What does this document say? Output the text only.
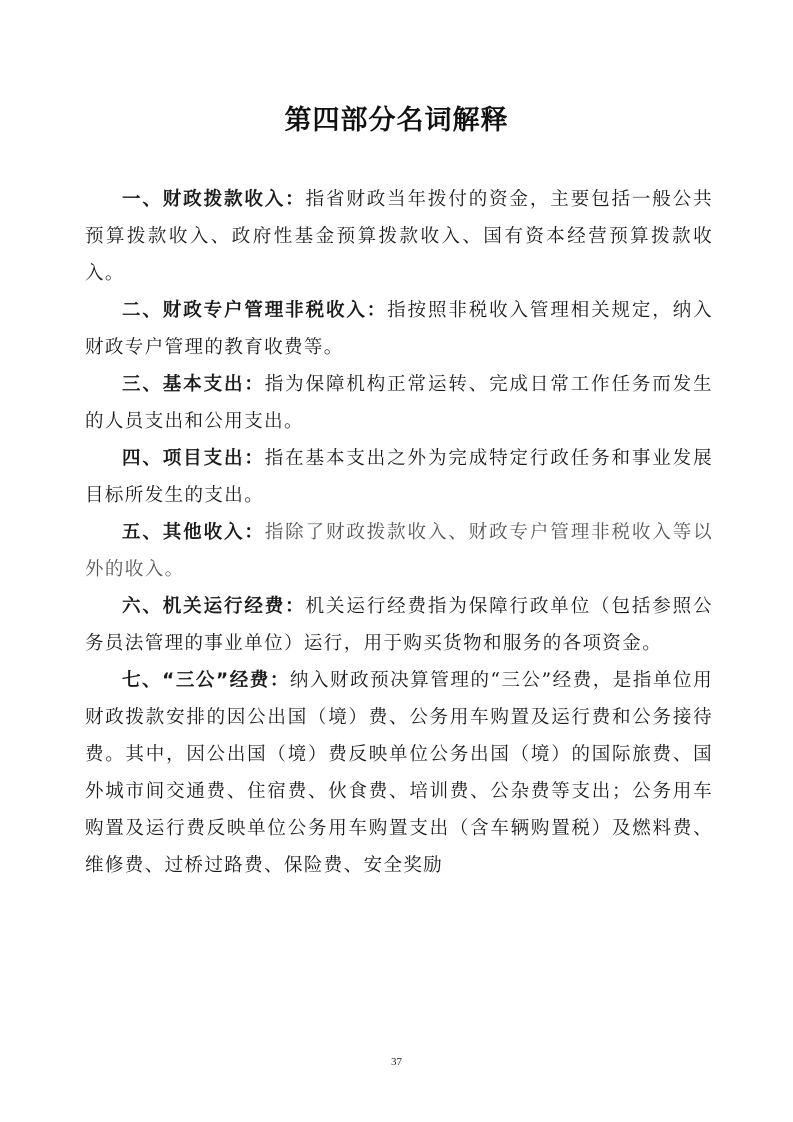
第四部分名词解释

一、财政拨款收入：指省财政当年拨付的资金，主要包括一般公共预算拨款收入、政府性基金预算拨款收入、国有资本经营预算拨款收入。

二、财政专户管理非税收入：指按照非税收入管理相关规定，纳入财政专户管理的教育收费等。

三、基本支出：指为保障机构正常运转、完成日常工作任务而发生的人员支出和公用支出。

四、项目支出：指在基本支出之外为完成特定行政任务和事业发展目标所发生的支出。

五、其他收入：指除了财政拨款收入、财政专户管理非税收入等以外的收入。

六、机关运行经费：机关运行经费指为保障行政单位（包括参照公务员法管理的事业单位）运行，用于购买货物和服务的各项资金。

七、“三公”经费：纳入财政预决算管理的“三公”经费，是指单位用财政拨款安排的因公出国（境）费、公务用车购置及运行费和公务接待费。其中，因公出国（境）费反映单位公务出国（境）的国际旅费、国外城市间交通费、住宿费、伙食费、培训费、公杂费等支出；公务用车购置及运行费反映单位公务用车购置支出（含车辆购置税）及燃料费、维修费、过桥过路费、保险费、安全奖励

37
